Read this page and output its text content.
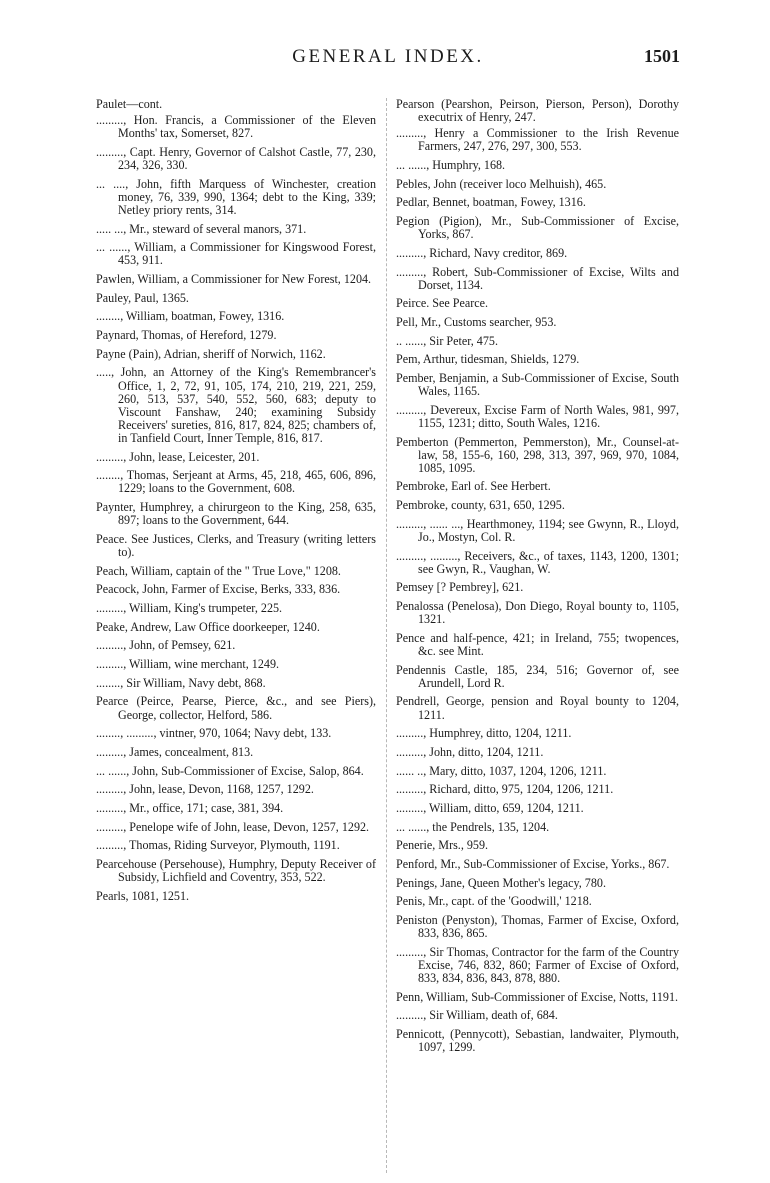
GENERAL INDEX.	1501

Paulet—cont.

........., Hon. Francis, a Commissioner of the Eleven Months' tax, Somerset, 827.

........., Capt. Henry, Governor of Calshot Castle, 77, 230, 234, 326, 330.

... ...., John, fifth Marquess of Winchester, creation money, 76, 339, 990, 1364; debt to the King, 339; Netley priory rents, 314.

..... ..., Mr., steward of several manors, 371.

... ......, William, a Commissioner for Kingswood Forest, 453, 911.

Pawlen, William, a Commissioner for New Forest, 1204.

Pauley, Paul, 1365.

........, William, boatman, Fowey, 1316.

Paynard, Thomas, of Hereford, 1279.

Payne (Pain), Adrian, sheriff of Norwich, 1162.

....., John, an Attorney of the King's Remembrancer's Office, 1, 2, 72, 91, 105, 174, 210, 219, 221, 259, 260, 513, 537, 540, 552, 560, 683; deputy to Viscount Fanshaw, 240; examining Subsidy Receivers' sureties, 816, 817, 824, 825; chambers of, in Tanfield Court, Inner Temple, 816, 817.

........., John, lease, Leicester, 201.

........, Thomas, Serjeant at Arms, 45, 218, 465, 606, 896, 1229; loans to the Government, 608.

Paynter, Humphrey, a chirurgeon to the King, 258, 635, 897; loans to the Government, 644.

Peace. See Justices, Clerks, and Treasury (writing letters to).

Peach, William, captain of the " True Love," 1208.

Peacock, John, Farmer of Excise, Berks, 333, 836.

........., William, King's trumpeter, 225.

Peake, Andrew, Law Office doorkeeper, 1240.

........., John, of Pemsey, 621.

........., William, wine merchant, 1249.

........, Sir William, Navy debt, 868.

Pearce (Peirce, Pearse, Pierce, &c., and see Piers), George, collector, Helford, 586.

........, ........., vintner, 970, 1064; Navy debt, 133.

........., James, concealment, 813.

... ......, John, Sub-Commissioner of Excise, Salop, 864.

........., John, lease, Devon, 1168, 1257, 1292.

........., Mr., office, 171; case, 381, 394.

........., Penelope wife of John, lease, Devon, 1257, 1292.

........., Thomas, Riding Surveyor, Plymouth, 1191.

Pearcehouse (Persehouse), Humphry, Deputy Receiver of Subsidy, Lichfield and Coventry, 353, 522.

Pearls, 1081, 1251.

Pearson (Pearshon, Peirson, Pierson, Person), Dorothy executrix of Henry, 247.

........., Henry a Commissioner to the Irish Revenue Farmers, 247, 276, 297, 300, 553.

... ......, Humphry, 168.

Pebles, John (receiver loco Melhuish), 465.

Pedlar, Bennet, boatman, Fowey, 1316.

Pegion (Pigion), Mr., Sub-Commissioner of Excise, Yorks, 867.

........., Richard, Navy creditor, 869.

........., Robert, Sub-Commissioner of Excise, Wilts and Dorset, 1134.

Peirce. See Pearce.

Pell, Mr., Customs searcher, 953.

.. ......, Sir Peter, 475.

Pem, Arthur, tidesman, Shields, 1279.

Pember, Benjamin, a Sub-Commissioner of Excise, South Wales, 1165.

........., Devereux, Excise Farm of North Wales, 981, 997, 1155, 1231; ditto, South Wales, 1216.

Pemberton (Pemmerton, Pemmerston), Mr., Counsel-at-law, 58, 155-6, 160, 298, 313, 397, 969, 970, 1084, 1085, 1095.

Pembroke, Earl of. See Herbert.

Pembroke, county, 631, 650, 1295.

........., ...... ..., Hearthmoney, 1194; see Gwynn, R., Lloyd, Jo., Mostyn, Col. R.

........., ........., Receivers, &c., of taxes, 1143, 1200, 1301; see Gwyn, R., Vaughan, W.

Pemsey [? Pembrey], 621.

Penalossa (Penelosa), Don Diego, Royal bounty to, 1105, 1321.

Pence and half-pence, 421; in Ireland, 755; twopences, &c. see Mint.

Pendennis Castle, 185, 234, 516; Governor of, see Arundell, Lord R.

Pendrell, George, pension and Royal bounty to 1204, 1211.

........., Humphrey, ditto, 1204, 1211.

........., John, ditto, 1204, 1211.

...... .., Mary, ditto, 1037, 1204, 1206, 1211.

........., Richard, ditto, 975, 1204, 1206, 1211.

........., William, ditto, 659, 1204, 1211.

... ......, the Pendrels, 135, 1204.

Penerie, Mrs., 959.

Penford, Mr., Sub-Commissioner of Excise, Yorks., 867.

Penings, Jane, Queen Mother's legacy, 780.

Penis, Mr., capt. of the 'Goodwill,' 1218.

Peniston (Penyston), Thomas, Farmer of Excise, Oxford, 833, 836, 865.

........., Sir Thomas, Contractor for the farm of the Country Excise, 746, 832, 860; Farmer of Excise of Oxford, 833, 834, 836, 843, 878, 880.

Penn, William, Sub-Commissioner of Excise, Notts, 1191.

........., Sir William, death of, 684.

Pennicott, (Pennycott), Sebastian, landwaiter, Plymouth, 1097, 1299.
